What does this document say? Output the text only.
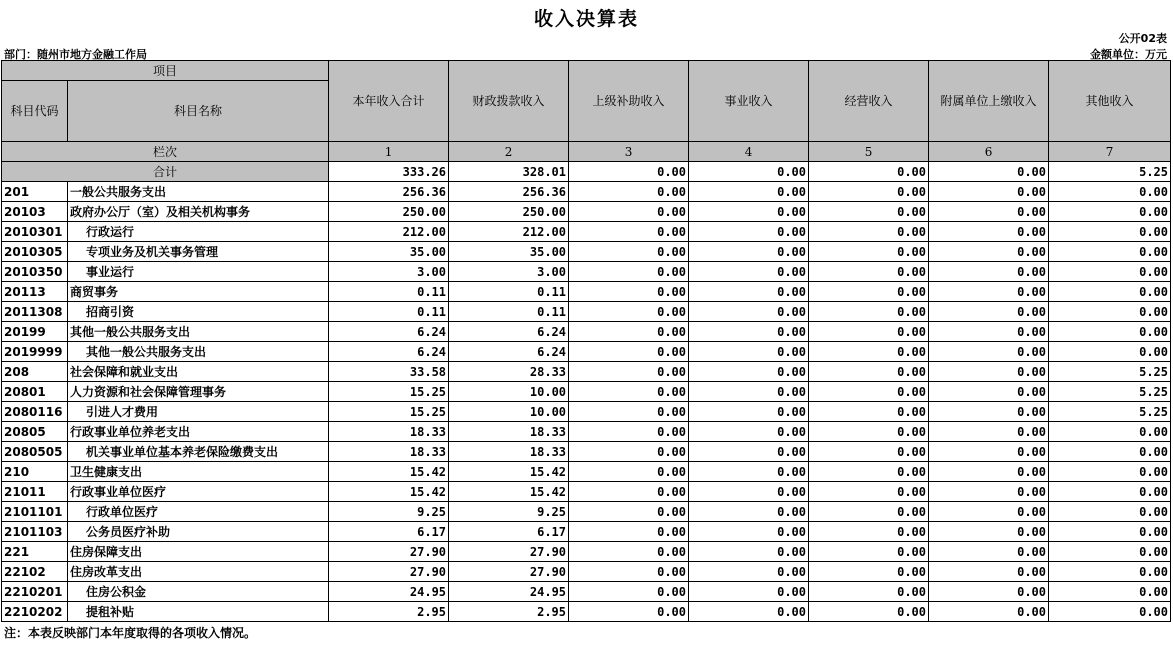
收入决算表
公开02表
部门：随州市地方金融工作局	金额单位：万元
项目		本年收入合计	财政拨款收入	上级补助收入	事业收入	经营收入	附属单位上缴收入	其他收入
科目代码	科目名称							
栏次		1	2	3	4	5	6	7
合计		333.26	328.01	0.00	0.00	0.00	0.00	5.25
201	一般公共服务支出	256.36	256.36	0.00	0.00	0.00	0.00	0.00
20103	政府办公厅（室）及相关机构事务	250.00	250.00	0.00	0.00	0.00	0.00	0.00
2010301	行政运行	212.00	212.00	0.00	0.00	0.00	0.00	0.00
2010305	专项业务及机关事务管理	35.00	35.00	0.00	0.00	0.00	0.00	0.00
2010350	事业运行	3.00	3.00	0.00	0.00	0.00	0.00	0.00
20113	商贸事务	0.11	0.11	0.00	0.00	0.00	0.00	0.00
2011308	招商引资	0.11	0.11	0.00	0.00	0.00	0.00	0.00
20199	其他一般公共服务支出	6.24	6.24	0.00	0.00	0.00	0.00	0.00
2019999	其他一般公共服务支出	6.24	6.24	0.00	0.00	0.00	0.00	0.00
208	社会保障和就业支出	33.58	28.33	0.00	0.00	0.00	0.00	5.25
20801	人力资源和社会保障管理事务	15.25	10.00	0.00	0.00	0.00	0.00	5.25
2080116	引进人才费用	15.25	10.00	0.00	0.00	0.00	0.00	5.25
20805	行政事业单位养老支出	18.33	18.33	0.00	0.00	0.00	0.00	0.00
2080505	机关事业单位基本养老保险缴费支出	18.33	18.33	0.00	0.00	0.00	0.00	0.00
210	卫生健康支出	15.42	15.42	0.00	0.00	0.00	0.00	0.00
21011	行政事业单位医疗	15.42	15.42	0.00	0.00	0.00	0.00	0.00
2101101	行政单位医疗	9.25	9.25	0.00	0.00	0.00	0.00	0.00
2101103	公务员医疗补助	6.17	6.17	0.00	0.00	0.00	0.00	0.00
221	住房保障支出	27.90	27.90	0.00	0.00	0.00	0.00	0.00
22102	住房改革支出	27.90	27.90	0.00	0.00	0.00	0.00	0.00
2210201	住房公积金	24.95	24.95	0.00	0.00	0.00	0.00	0.00
2210202	提租补贴	2.95	2.95	0.00	0.00	0.00	0.00	0.00
注：本表反映部门本年度取得的各项收入情况。
